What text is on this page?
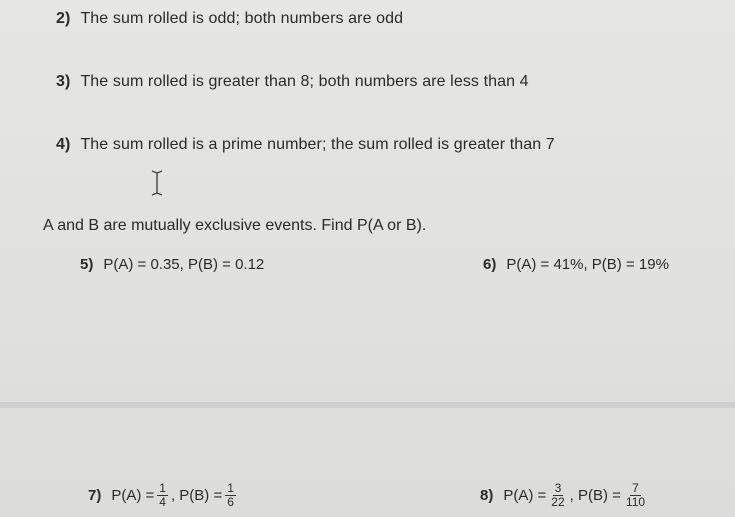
2) The sum rolled is odd; both numbers are odd
3) The sum rolled is greater than 8; both numbers are less than 4
4) The sum rolled is a prime number; the sum rolled is greater than 7
A and B are mutually exclusive events. Find P(A or B).
5) P(A) = 0.35, P(B) = 0.12	6) P(A) = 41%, P(B) = 19%
7) $P(A) = \frac{1}{4}$ , $P(B) = \frac{1}{6}$	8) $P(A) = \frac{3}{22}$ , $P(B) = \frac{7}{110}$
